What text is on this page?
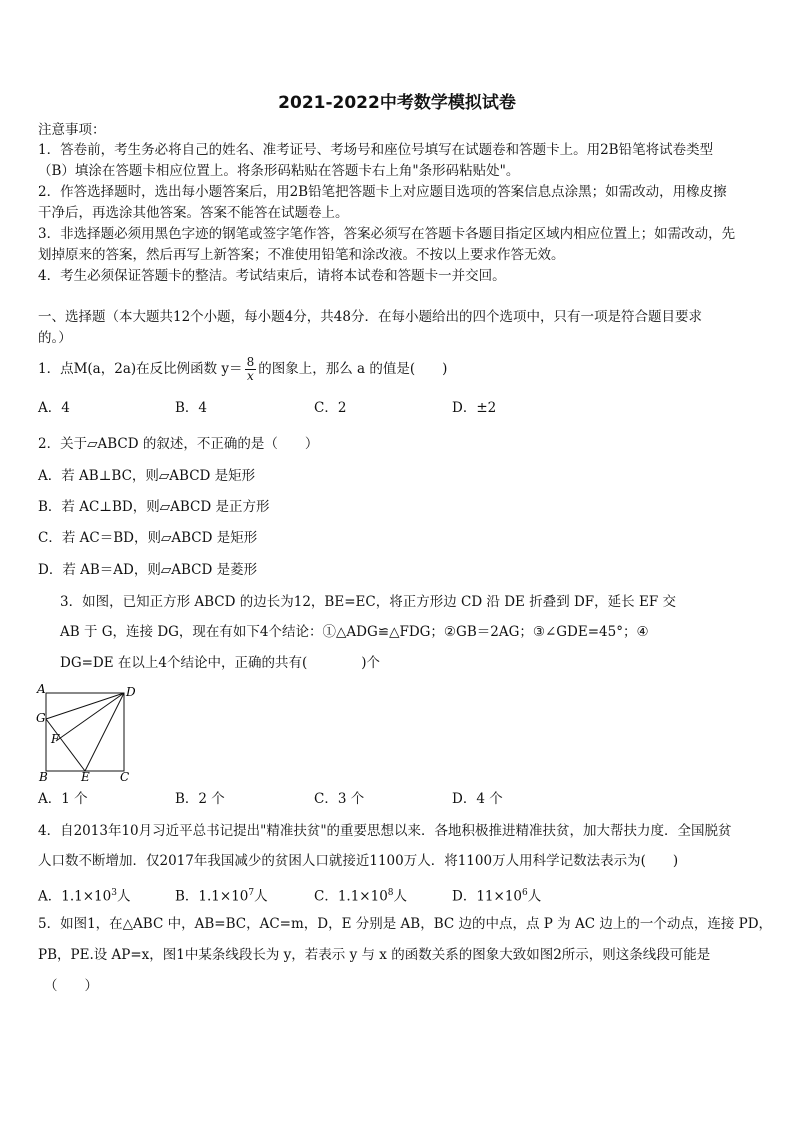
2021-2022中考数学模拟试卷
注意事项：
1．答卷前，考生务必将自己的姓名、准考证号、考场号和座位号填写在试题卷和答题卡上。用2B铅笔将试卷类型
（B）填涂在答题卡相应位置上。将条形码粘贴在答题卡右上角"条形码粘贴处"。
2．作答选择题时，选出每小题答案后，用2B铅笔把答题卡上对应题目选项的答案信息点涂黑；如需改动，用橡皮擦
干净后，再选涂其他答案。答案不能答在试题卷上。
3．非选择题必须用黑色字迹的钢笔或签字笔作答，答案必须写在答题卡各题目指定区域内相应位置上；如需改动，先
划掉原来的答案，然后再写上新答案；不准使用铅笔和涂改液。不按以上要求作答无效。
4．考生必须保证答题卡的整洁。考试结束后，请将本试卷和答题卡一并交回。
一、选择题（本大题共12个小题，每小题4分，共48分．在每小题给出的四个选项中，只有一项是符合题目要求
的。）
1．点M(a，2a)在反比例函数 $y= \frac{8}{x}$ 的图象上，那么 a 的值是(　　)
A．4	B．4	C．2	D．±2
2．关于▱ABCD 的叙述，不正确的是（　　）
A．若 AB⊥BC，则▱ABCD 是矩形
B．若 AC⊥BD，则▱ABCD 是正方形
C．若 AC＝BD，则▱ABCD 是矩形
D．若 AB＝AD，则▱ABCD 是菱形
3．如图，已知正方形 ABCD 的边长为12，BE=EC，将正方形边 CD 沿 DE 折叠到 DF，延长 EF 交
AB 于 G，连接 DG，现在有如下4个结论：①△ADG≌△FDG；②GB＝2AG；③∠GDE=45°；④
DG=DE 在以上4个结论中，正确的共有(　　　　)个
A	D
G
F
B	E	C
A．1 个	B．2 个	C．3 个	D．4 个
4．自2013年10月习近平总书记提出"精准扶贫"的重要思想以来．各地积极推进精准扶贫，加大帮扶力度．全国脱贫
人口数不断增加．仅2017年我国减少的贫困人口就接近1100万人．将1100万人用科学记数法表示为(　　)
A．$1.1\times 10^3$人	B．$1.1\times 10^7$人	C．$1.1\times 10^8$人	D．$11\times 10^6$人
5．如图1，在△ABC 中，AB=BC，AC=m，D，E 分别是 AB，BC 边的中点，点 P 为 AC 边上的一个动点，连接 PD，
PB，PE.设 AP=x，图1中某条线段长为 y，若表示 y 与 x 的函数关系的图象大致如图2所示，则这条线段可能是
（　　）
